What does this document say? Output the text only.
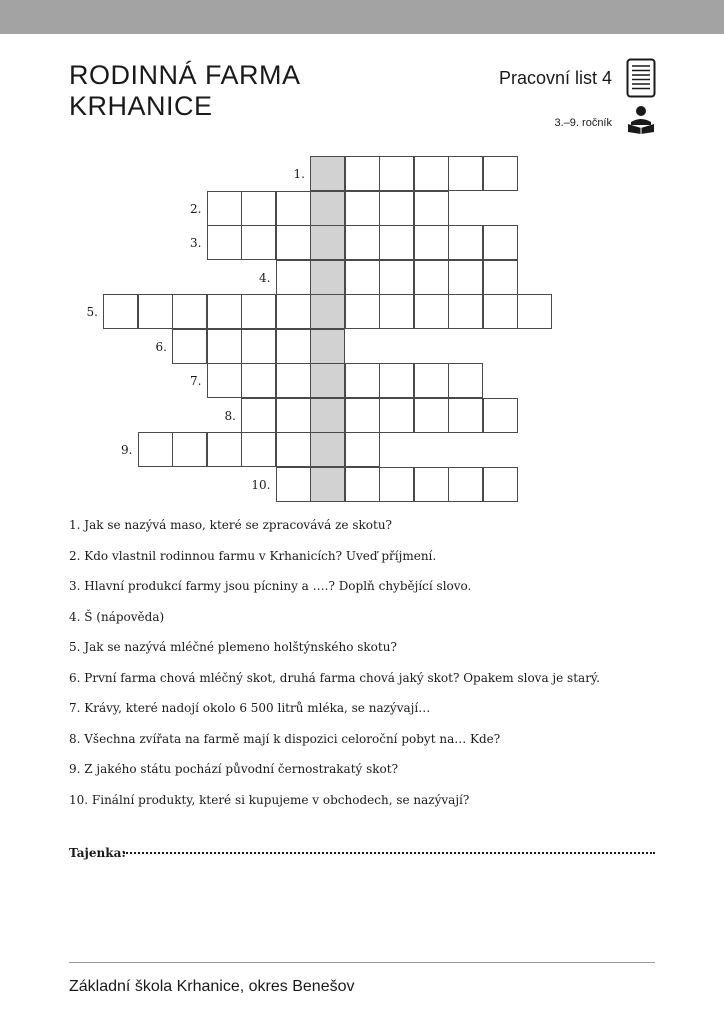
RODINNÁ FARMA
KRHANICE
Pracovní list 4
3.–9. ročník
1.
2.
3.
4.
5.
6.
7.
8.
9.
10.
1. Jak se nazývá maso, které se zpracovává ze skotu?
2. Kdo vlastnil rodinnou farmu v Krhanicích? Uveď příjmení.
3. Hlavní produkcí farmy jsou pícniny a ….? Doplň chybějící slovo.
4. Š (nápověda)
5. Jak se nazývá mléčné plemeno holštýnského skotu?
6. První farma chová mléčný skot, druhá farma chová jaký skot? Opakem slova je starý.
7. Krávy, které nadojí okolo 6 500 litrů mléka, se nazývají…
8. Všechna zvířata na farmě mají k dispozici celoroční pobyt na… Kde?
9. Z jakého státu pochází původní černostrakatý skot?
10. Finální produkty, které si kupujeme v obchodech, se nazývají?
Tajenka:
Základní škola Krhanice, okres Benešov
